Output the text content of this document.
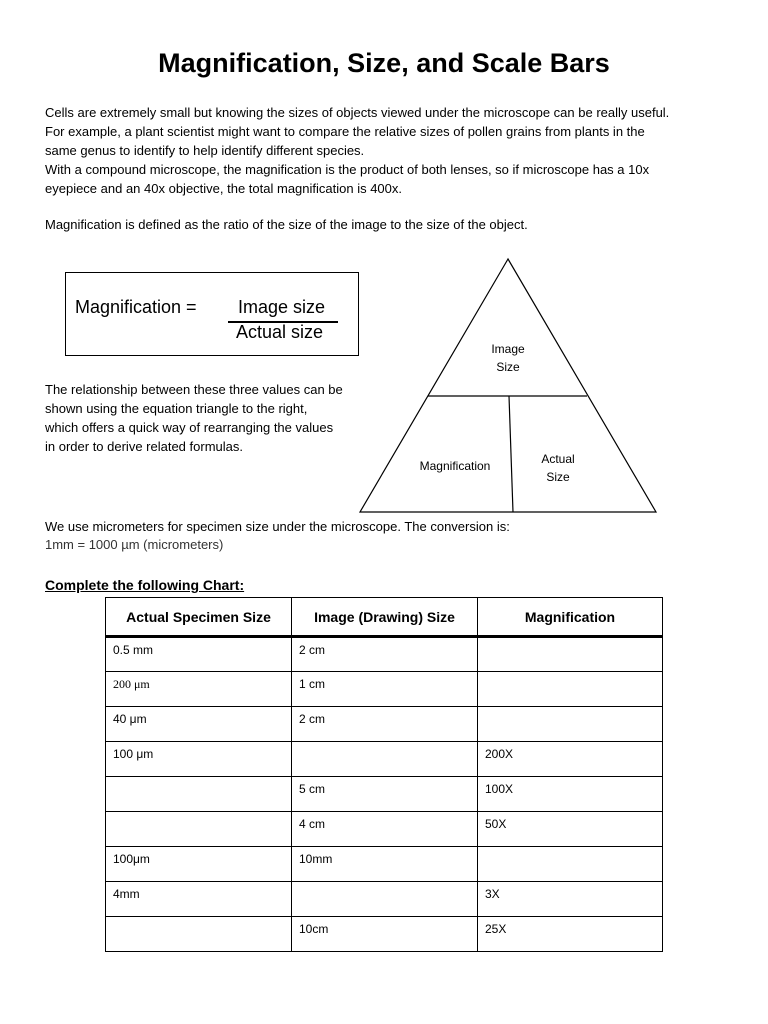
Magnification, Size, and Scale Bars
Cells are extremely small but knowing the sizes of objects viewed under the microscope can be really useful.
For example, a plant scientist might want to compare the relative sizes of pollen grains from plants in the
same genus to identify to help identify different species.
With a compound microscope, the magnification is the product of both lenses, so if microscope has a 10x
eyepiece and an 40x objective, the total magnification is 400x.
Magnification is defined as the ratio of the size of the image to the size of the object.
Magnification = Image size
Actual size
The relationship between these three values can be
shown using the equation triangle to the right,
which offers a quick way of rearranging the values
in order to derive related formulas.
Image
Size
Magnification	Actual
Size
We use micrometers for specimen size under the microscope. The conversion is:
1mm = 1000 µm (micrometers)
Complete the following Chart:
Actual Specimen Size	Image (Drawing) Size	Magnification
0.5 mm	2 cm	
200 μm	1 cm	
40 μm	2 cm	
100 μm		200X
	5 cm	100X
	4 cm	50X
100μm	10mm	
4mm		3X
	10cm	25X
